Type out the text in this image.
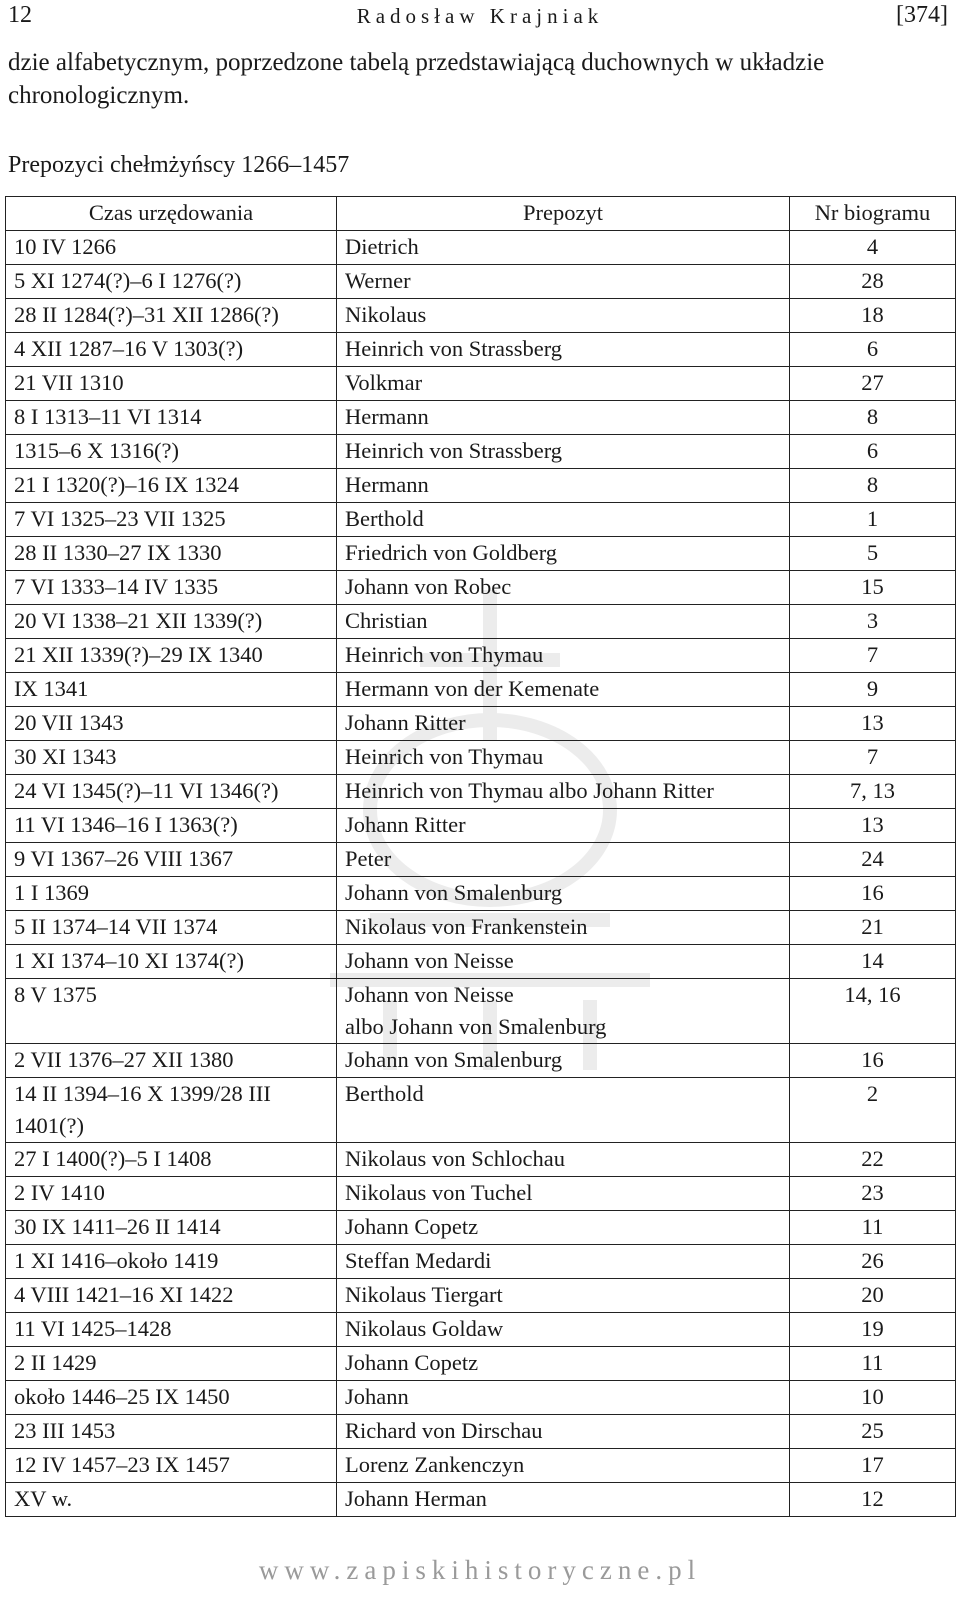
12	Radosław Krajniak	[374]

dzie alfabetycznym, poprzedzone tabelą przedstawiającą duchownych w układzie chronologicznym.

Prepozyci chełmżyńscy 1266–1457

Czas urzędowania	Prepozyt	Nr biogramu
10 IV 1266	Dietrich	4
5 XI 1274(?)–6 I 1276(?)	Werner	28
28 II 1284(?)–31 XII 1286(?)	Nikolaus	18
4 XII 1287–16 V 1303(?)	Heinrich von Strassberg	6
21 VII 1310	Volkmar	27
8 I 1313–11 VI 1314	Hermann	8
1315–6 X 1316(?)	Heinrich von Strassberg	6
21 I 1320(?)–16 IX 1324	Hermann	8
7 VI 1325–23 VII 1325	Berthold	1
28 II 1330–27 IX 1330	Friedrich von Goldberg	5
7 VI 1333–14 IV 1335	Johann von Robec	15
20 VI 1338–21 XII 1339(?)	Christian	3
21 XII 1339(?)–29 IX 1340	Heinrich von Thymau	7
IX 1341	Hermann von der Kemenate	9
20 VII 1343	Johann Ritter	13
30 XI 1343	Heinrich von Thymau	7
24 VI 1345(?)–11 VI 1346(?)	Heinrich von Thymau albo Johann Ritter	7, 13
11 VI 1346–16 I 1363(?)	Johann Ritter	13
9 VI 1367–26 VIII 1367	Peter	24
1 I 1369	Johann von Smalenburg	16
5 II 1374–14 VII 1374	Nikolaus von Frankenstein	21
1 XI 1374–10 XI 1374(?)	Johann von Neisse	14
8 V 1375	Johann von Neisse
albo Johann von Smalenburg	14, 16
2 VII 1376–27 XII 1380	Johann von Smalenburg	16

14 II 1394–16 X 1399/28 III
1401(?)	Berthold	2
27 I 1400(?)–5 I 1408	Nikolaus von Schlochau	22
2 IV 1410	Nikolaus von Tuchel	23
30 IX 1411–26 II 1414	Johann Copetz	11
1 XI 1416–około 1419	Steffan Medardi	26
4 VIII 1421–16 XI 1422	Nikolaus Tiergart	20
11 VI 1425–1428	Nikolaus Goldaw	19
2 II 1429	Johann Copetz	11
około 1446–25 IX 1450	Johann	10
23 III 1453	Richard von Dirschau	25
12 IV 1457–23 IX 1457	Lorenz Zankenczyn	17
XV w.	Johann Herman	12
www.zapiskihistoryczne.pl
